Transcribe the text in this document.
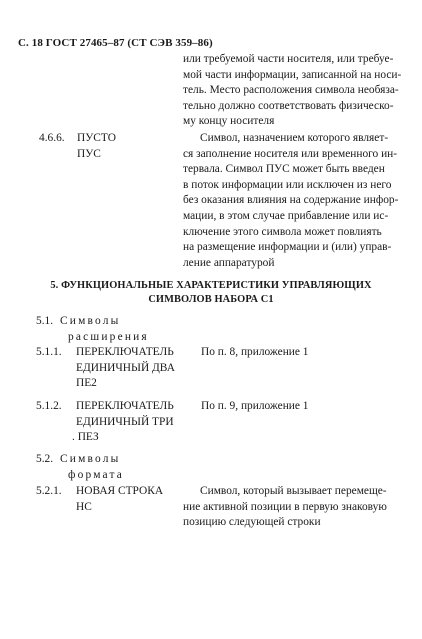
С. 18 ГОСТ 27465–87 (СТ СЭВ 359–86)

или требуемой части носителя, или требуе-

мой части информации, записанной на носи-

тель. Место расположения символа необяза-

тельно должно соответствовать физическо-

му концу носителя

4.6.6. ПУСТО
ПУС

Символ, назначением которого являет-

ся заполнение носителя или временного ин-

тервала. Символ ПУС может быть введен

в поток информации или исключен из него

без оказания влияния на содержание инфор-

мации, в этом случае прибавление или ис-

ключение этого символа может повлиять

на размещение информации и (или) управ-

ление аппаратурой

5. ФУНКЦИОНАЛЬНЫЕ ХАРАКТЕРИСТИКИ УПРАВЛЯЮЩИХ
СИМВОЛОВ НАБОРА С1
5.1. Символы
расширения
5.1.1. ПЕРЕКЛЮЧАТЕЛЬ
ЕДИНИЧНЫЙ ДВА
ПЕ2
По п. 8, приложение 1
5.1.2. ПЕРЕКЛЮЧАТЕЛЬ
ЕДИНИЧНЫЙ ТРИ
. ПЕЗ
По п. 9, приложение 1
5.2. Символы
формата
5.2.1. НОВАЯ СТРОКА
НС

Символ, который вызывает перемеще-

ние активной позиции в первую знаковую

позицию следующей строки
